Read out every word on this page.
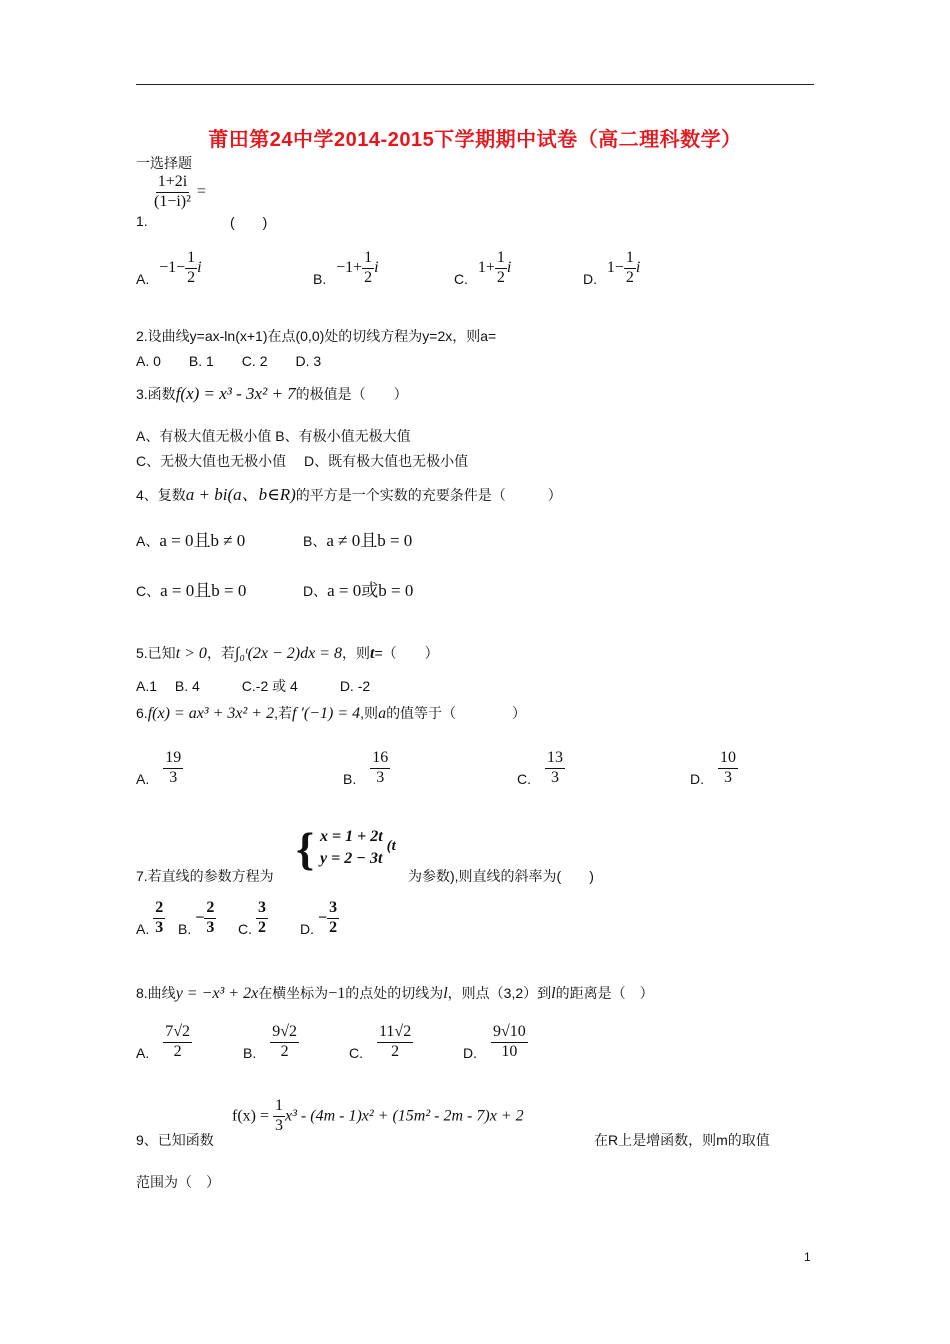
莆田第24中学2014-2015下学期期中试卷（高二理科数学）
一选择题
$\frac{1+2i}{\text{(1−i)²}}$ =
1.	(　　)
A. $-1- \frac{1}{2}$ i
B. $-1+ \frac{1}{2}$ i
C. $1+ \frac{1}{2}$ i
D. $1- \frac{1}{2}$ i
2.设曲线y=ax-ln(x+1)在点(0,0)处的切线方程为y=2x，则a=
A. 0　　B. 1　　C. 2　　D. 3
3.函数f(x) = x³ - 3x² + 7的极值是（　　）
A、有极大值无极小值 B、有极小值无极大值
C、无极大值也无极小值　 D、既有极大值也无极小值
4、复数a + bi(a、b∈R)的平方是一个实数的充要条件是（　　　）
A、a = 0且b ≠ 0	B、a ≠ 0且b = 0
C、a = 0且b = 0	D、a = 0或b = 0
5.已知t > 0，若∫₀ᵗ(2x − 2)dx = 8，则t=（　　）
A.1　 B. 4　　　C.-2 或 4　　　D. -2
6.f(x) = ax³ + 3x² + 2,若f ′(−1) = 4,则a的值等于（　　　　）
A. $\frac{19}{3}$	B. $\frac{16}{3}$	C. $\frac{13}{3}$	D. $\frac{10}{3}$
7.若直线的参数方程为
{ x = 1 + 2t
y = 2 − 3t
(t
为参数),则直线的斜率为(　　)
A. $\frac{2}{3} B.- \frac{2}{3} C$. $\frac{3}{2} D.- \frac{3}{2}$
8.曲线y = −x³ + 2x在横坐标为−1的点处的切线为l，则点（3,2）到l的距离是（　）
A. $\frac{7√2}{2}$	B. $\frac{9√2}{2}$	C. $\frac{11√2}{2}$	D. $\frac{9√10}{10}$
9、已知函数
$f(x) = \frac{1}{3} x^3 - (4m - 1)x^2 + (15m^2 - 2m - 7)x + 2$
在R上是增函数，则m的取值
范围为（　）
1
